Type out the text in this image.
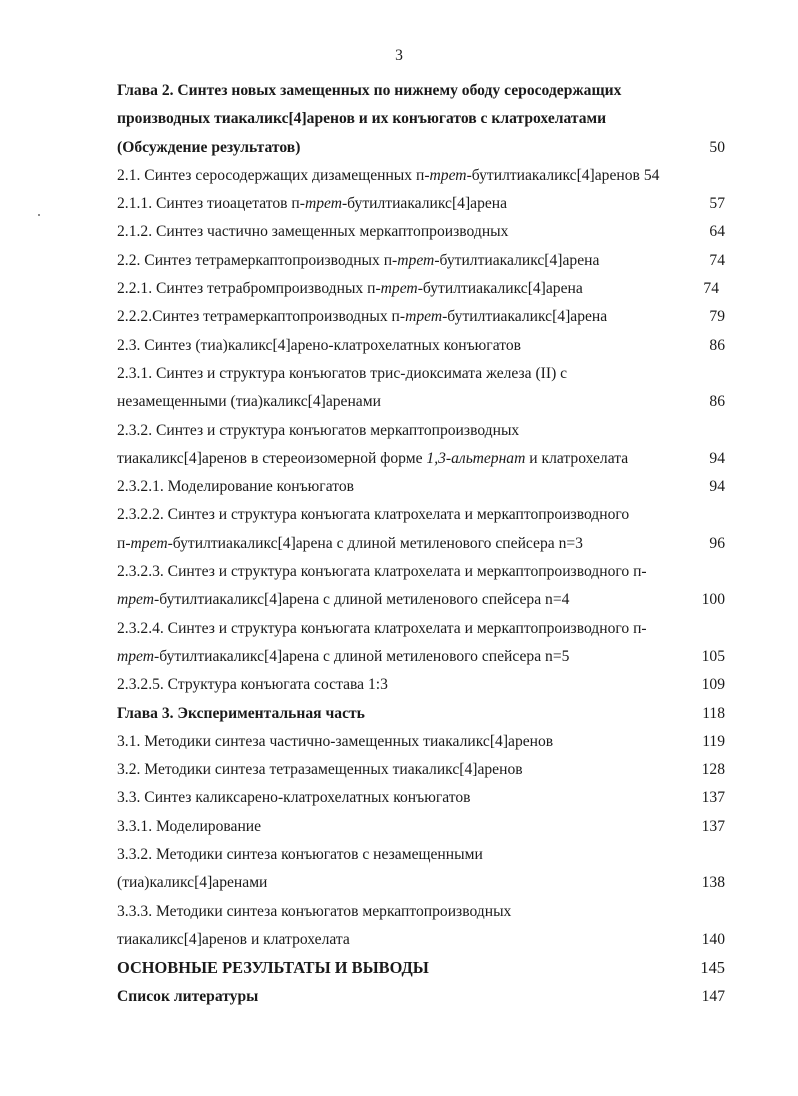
3
Глава 2. Синтез новых замещенных по нижнему ободу серосодержащих
производных тиакаликс[4]аренов и их конъюгатов с клатрохелатами
(Обсуждение результатов)	50
2.1. Синтез серосодержащих дизамещенных п-трет-бутилтиакаликс[4]аренов 54
2.1.1. Синтез тиоацетатов п-трет-бутилтиакаликс[4]арена	57
2.1.2. Синтез частично замещенных меркаптопроизводных	64
2.2. Синтез тетрамеркаптопроизводных п-трет-бутилтиакаликс[4]арена	74
2.2.1. Синтез тетрабромпроизводных п-трет-бутилтиакаликс[4]арена	74
2.2.2.Синтез тетрамеркаптопроизводных п-трет-бутилтиакаликс[4]арена	79
2.3. Синтез (тиа)каликс[4]арено-клатрохелатных конъюгатов	86
2.3.1. Синтез и структура конъюгатов трис-диоксимата железа (II) с
незамещенными (тиа)каликс[4]аренами	86
2.3.2. Синтез и структура конъюгатов меркаптопроизводных
тиакаликс[4]аренов в стереоизомерной форме 1,3-альтернат и клатрохелата	94
2.3.2.1. Моделирование конъюгатов	94
2.3.2.2. Синтез и структура конъюгата клатрохелата и меркаптопроизводного
п-трет-бутилтиакаликс[4]арена с длиной метиленового спейсера n=3	96
2.3.2.3. Синтез и структура конъюгата клатрохелата и меркаптопроизводного п-
трет-бутилтиакаликс[4]арена с длиной метиленового спейсера n=4	100
2.3.2.4. Синтез и структура конъюгата клатрохелата и меркаптопроизводного п-
трет-бутилтиакаликс[4]арена с длиной метиленового спейсера n=5	105
2.3.2.5. Структура конъюгата состава 1:3	109
Глава 3. Экспериментальная часть	118
3.1. Методики синтеза частично-замещенных тиакаликс[4]аренов	119
3.2. Методики синтеза тетразамещенных тиакаликс[4]аренов	128
3.3. Синтез каликсарено-клатрохелатных конъюгатов	137
3.3.1. Моделирование	137
3.3.2. Методики синтеза конъюгатов с незамещенными
(тиа)каликс[4]аренами	138
3.3.3. Методики синтеза конъюгатов меркаптопроизводных
тиакаликс[4]аренов и клатрохелата	140
ОСНОВНЫЕ РЕЗУЛЬТАТЫ И ВЫВОДЫ	145
Список литературы	147
